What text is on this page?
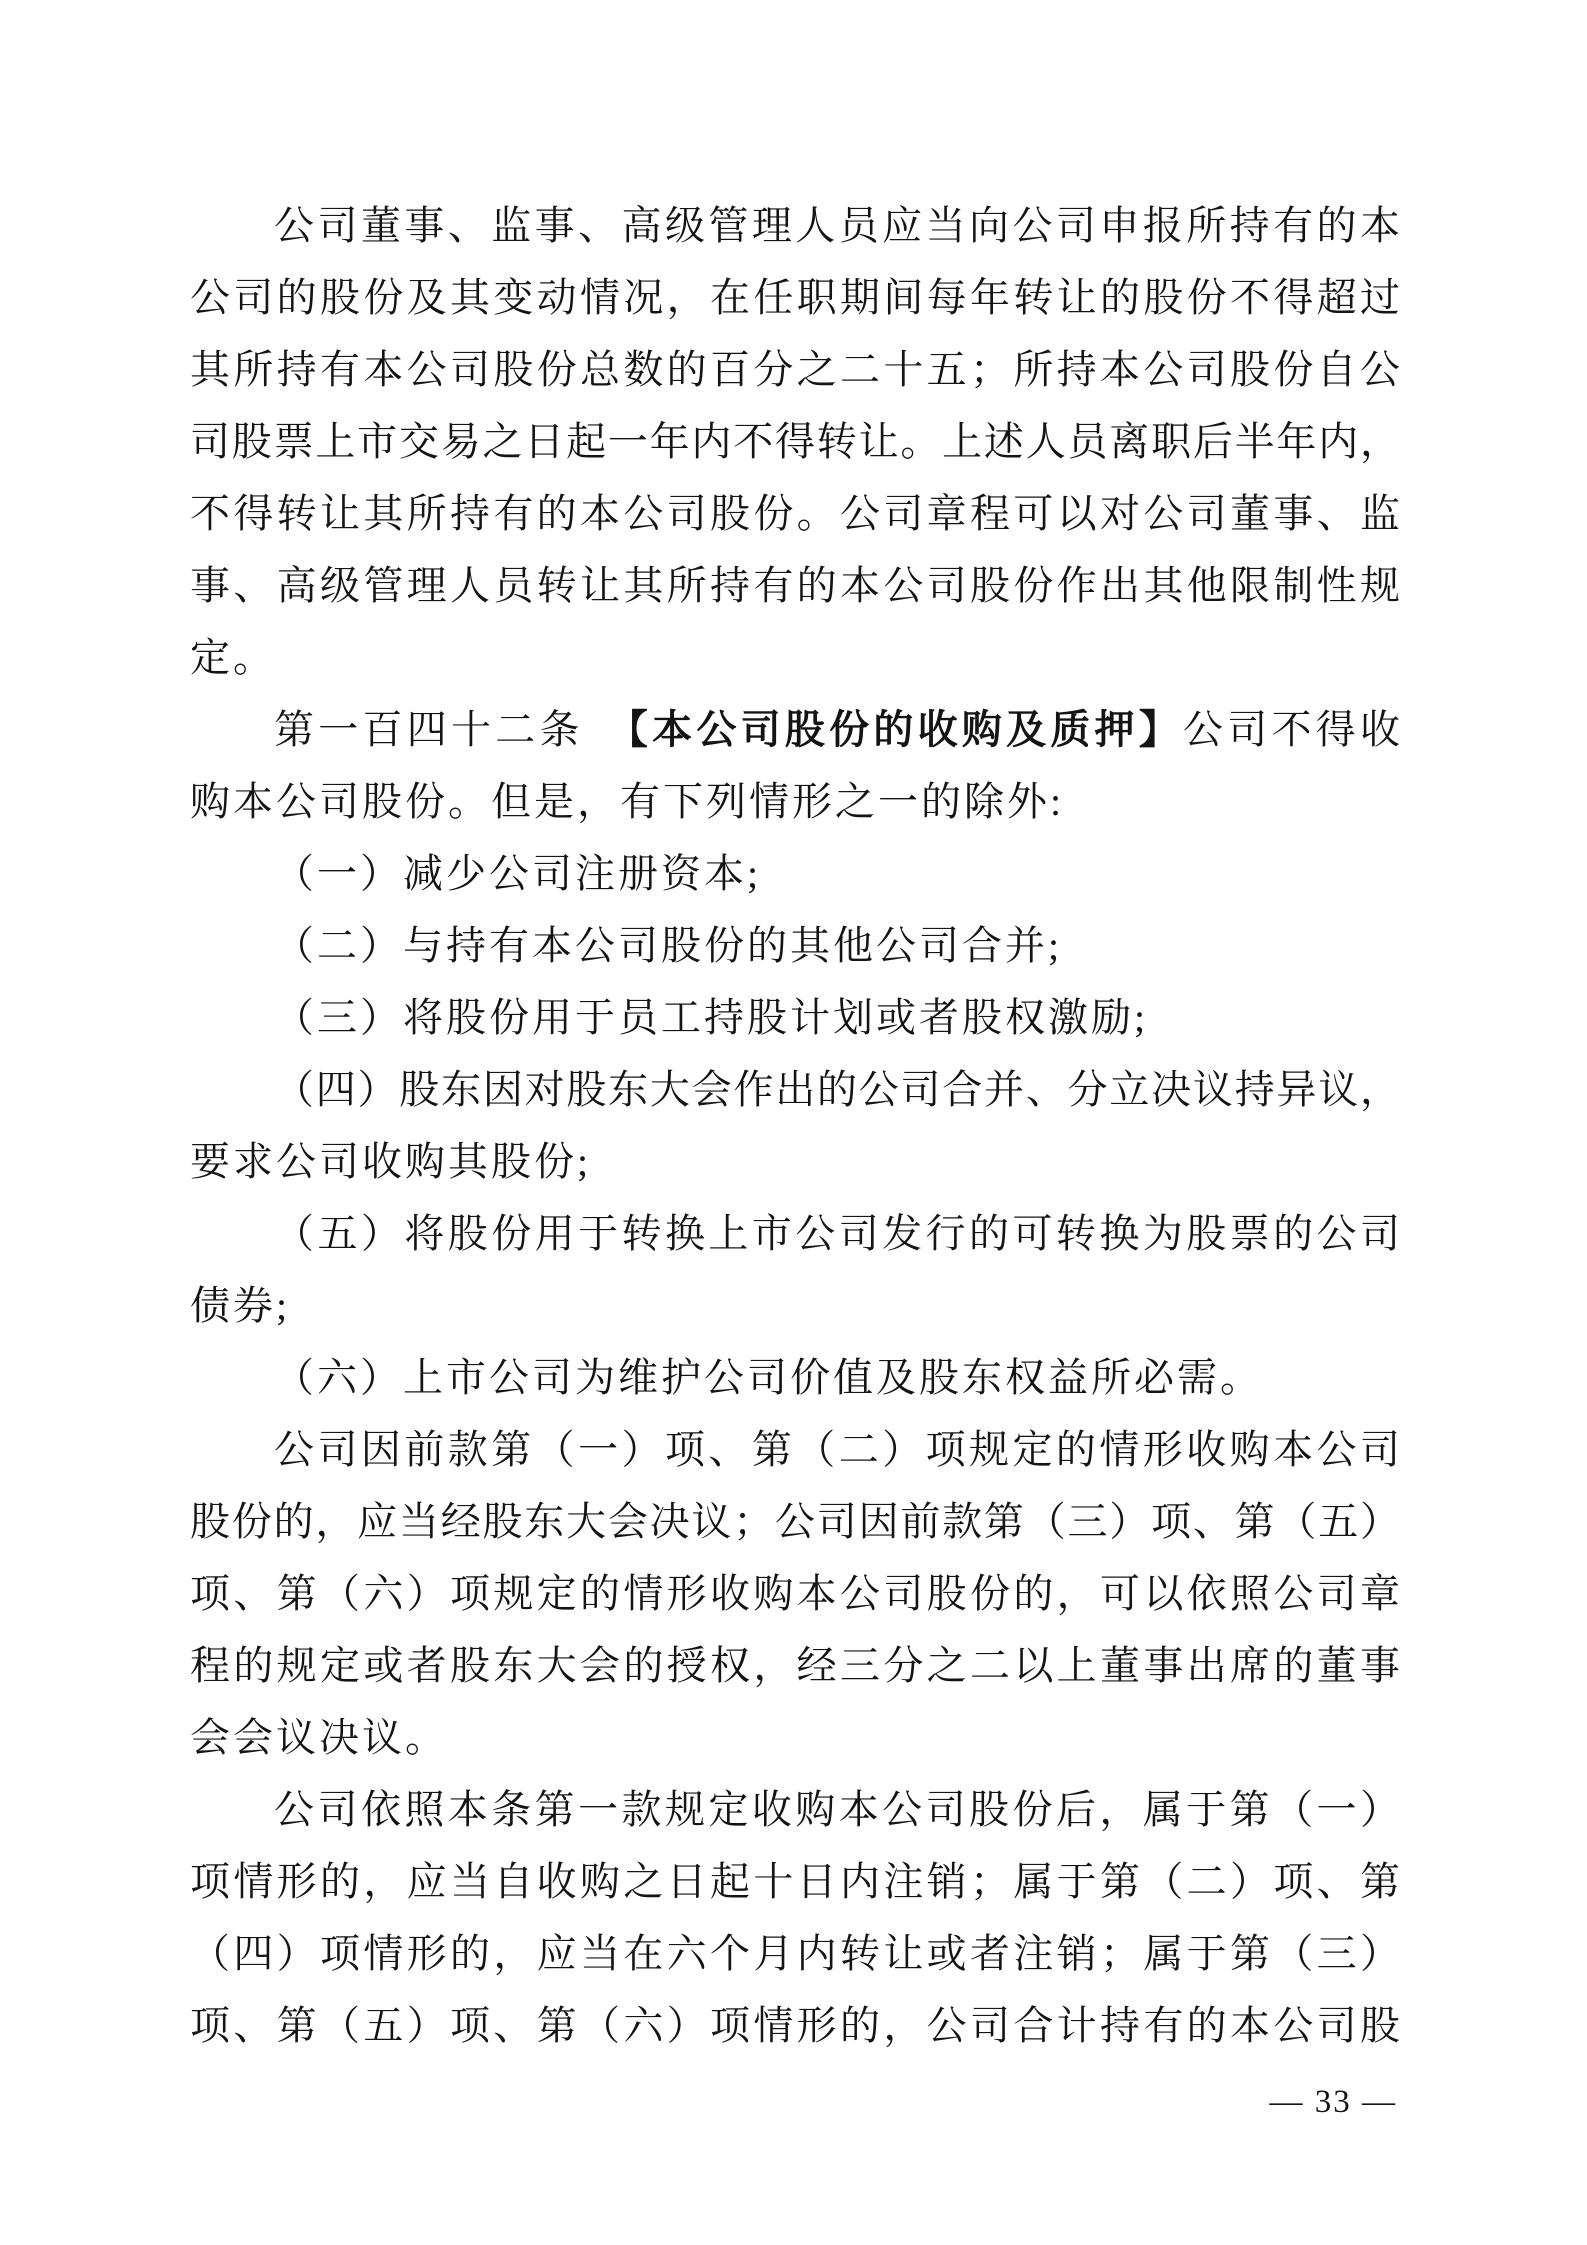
公司董事、监事、高级管理人员应当向公司申报所持有的本
公司的股份及其变动情况，在任职期间每年转让的股份不得超过
其所持有本公司股份总数的百分之二十五；所持本公司股份自公
司股票上市交易之日起一年内不得转让。上述人员离职后半年内，
不得转让其所持有的本公司股份。公司章程可以对公司董事、监
事、高级管理人员转让其所持有的本公司股份作出其他限制性规
定。
第一百四十二条　【本公司股份的收购及质押】公司不得收
购本公司股份。但是，有下列情形之一的除外:
（一）减少公司注册资本;
（二）与持有本公司股份的其他公司合并;
（三）将股份用于员工持股计划或者股权激励;
（四）股东因对股东大会作出的公司合并、分立决议持异议，
要求公司收购其股份;
（五）将股份用于转换上市公司发行的可转换为股票的公司
债券;
（六）上市公司为维护公司价值及股东权益所必需。
公司因前款第（一）项、第（二）项规定的情形收购本公司
股份的，应当经股东大会决议；公司因前款第（三）项、第（五）
项、第（六）项规定的情形收购本公司股份的，可以依照公司章
程的规定或者股东大会的授权，经三分之二以上董事出席的董事
会会议决议。
公司依照本条第一款规定收购本公司股份后，属于第（一）
项情形的，应当自收购之日起十日内注销；属于第（二）项、第
（四）项情形的，应当在六个月内转让或者注销；属于第（三）
项、第（五）项、第（六）项情形的，公司合计持有的本公司股
— 33 —
